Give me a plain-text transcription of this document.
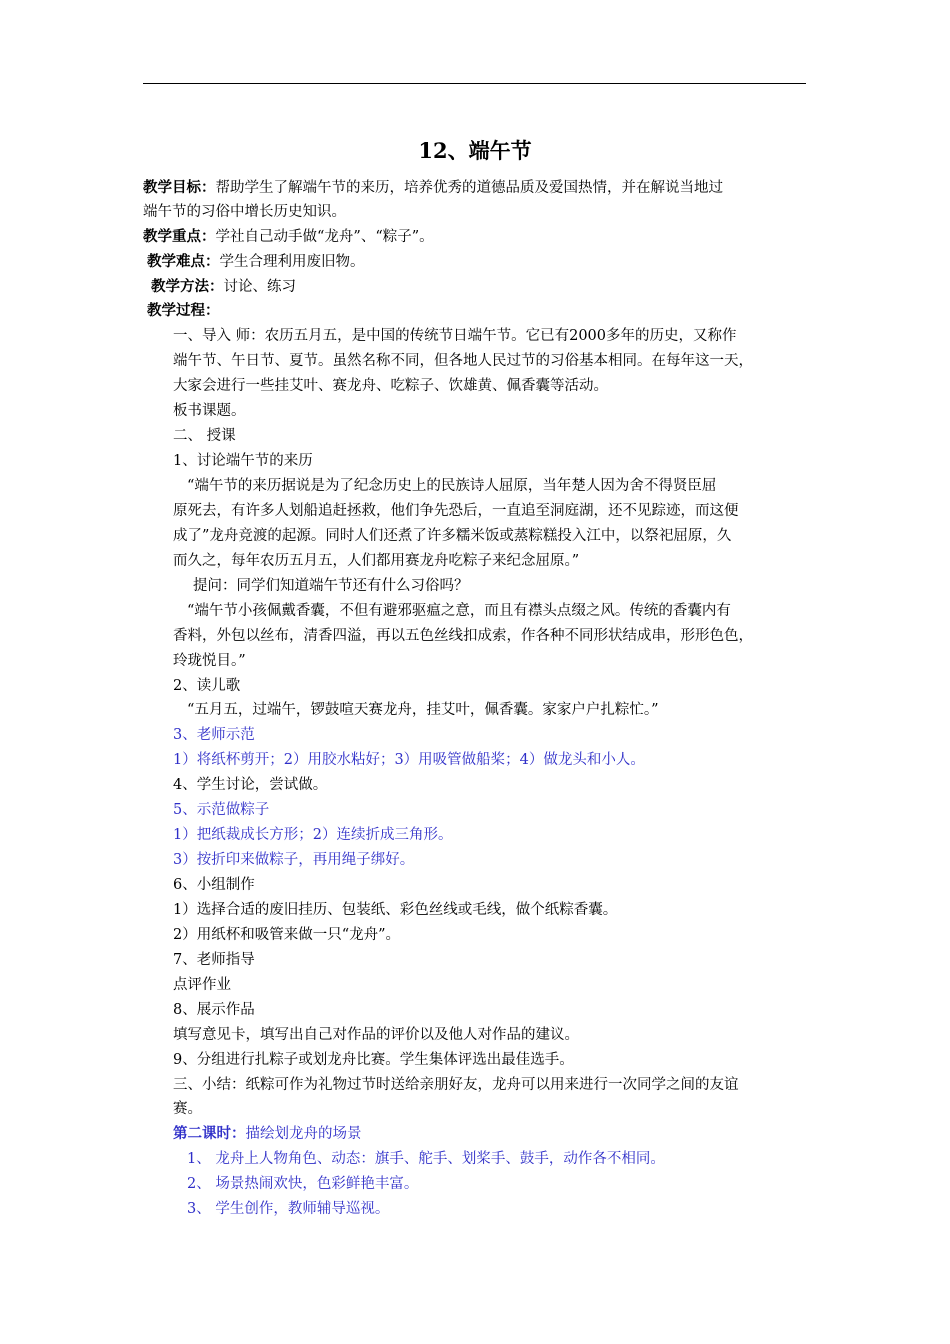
12、端午节
教学目标：帮助学生了解端午节的来历，培养优秀的道德品质及爱国热情，并在解说当地过
端午节的习俗中增长历史知识。
教学重点：学社自己动手做“龙舟”、“粽子”。
教学难点：学生合理利用废旧物。
教学方法：讨论、练习
教学过程：
一、导入 师：农历五月五，是中国的传统节日端午节。它已有2000多年的历史，又称作
端午节、午日节、夏节。虽然名称不同，但各地人民过节的习俗基本相同。在每年这一天，
大家会进行一些挂艾叶、赛龙舟、吃粽子、饮雄黄、佩香囊等活动。
板书课题。
二、 授课
1、讨论端午节的来历
“端午节的来历据说是为了纪念历史上的民族诗人屈原，当年楚人因为舍不得贤臣屈
原死去，有许多人划船追赶拯救，他们争先恐后，一直追至洞庭湖，还不见踪迹，而这便
成了”龙舟竞渡的起源。同时人们还煮了许多糯米饭或蒸粽糕投入江中，以祭祀屈原，久
而久之，每年农历五月五，人们都用赛龙舟吃粽子来纪念屈原。”
提问：同学们知道端午节还有什么习俗吗？
“端午节小孩佩戴香囊，不但有避邪驱瘟之意，而且有襟头点缀之风。传统的香囊内有
香料，外包以丝布，清香四溢，再以五色丝线扣成索，作各种不同形状结成串，形形色色，
玲珑悦目。”
2、读儿歌
“五月五，过端午，锣鼓喧天赛龙舟，挂艾叶，佩香囊。家家户户扎粽忙。”
3、老师示范
1）将纸杯剪开；2）用胶水粘好；3）用吸管做船桨；4）做龙头和小人。
4、学生讨论，尝试做。
5、示范做粽子
1）把纸裁成长方形；2）连续折成三角形。
3）按折印来做粽子，再用绳子绑好。
6、小组制作
1）选择合适的废旧挂历、包装纸、彩色丝线或毛线，做个纸粽香囊。
2）用纸杯和吸管来做一只“龙舟”。
7、老师指导
点评作业
8、展示作品
填写意见卡，填写出自己对作品的评价以及他人对作品的建议。
9、分组进行扎粽子或划龙舟比赛。学生集体评选出最佳选手。
三、小结：纸粽可作为礼物过节时送给亲朋好友，龙舟可以用来进行一次同学之间的友谊
赛。
第二课时：描绘划龙舟的场景
1、 龙舟上人物角色、动态：旗手、舵手、划桨手、鼓手，动作各不相同。
2、 场景热闹欢快，色彩鲜艳丰富。
3、 学生创作，教师辅导巡视。
